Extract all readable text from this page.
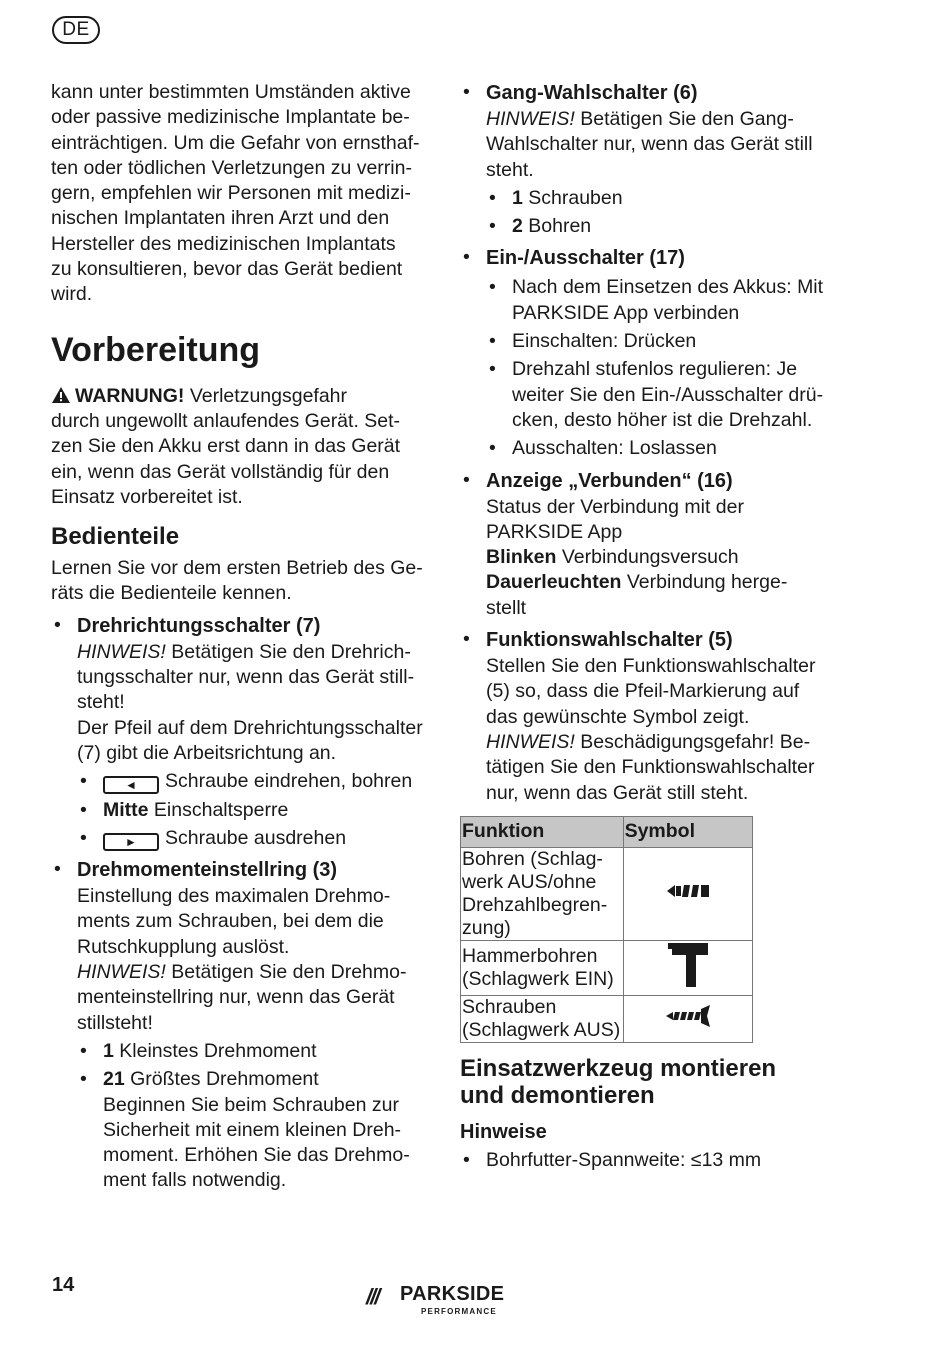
DE

kann unter bestimmten Umständen aktive
oder passive medizinische Implantate be-
einträchtigen. Um die Gefahr von ernsthaf-
ten oder tödlichen Verletzungen zu verrin-
gern, empfehlen wir Personen mit medizi-
nischen Implantaten ihren Arzt und den
Hersteller des medizinischen Implantats
zu konsultieren, bevor das Gerät bedient
wird.

Vorbereitung

WARNUNG! Verletzungsgefahr
durch ungewollt anlaufendes Gerät. Set-
zen Sie den Akku erst dann in das Gerät
ein, wenn das Gerät vollständig für den
Einsatz vorbereitet ist.

Bedienteile

Lernen Sie vor dem ersten Betrieb des Ge-
räts die Bedienteile kennen.

• Drehrichtungsschalter (7)

HINWEIS! Betätigen Sie den Drehrich-
tungsschalter nur, wenn das Gerät still-
steht!

Der Pfeil auf dem Drehrichtungsschalter
(7) gibt die Arbeitsrichtung an.

•	◄ Schraube eindrehen, bohren

• Mitte Einschaltsperre

•	► Schraube ausdrehen

• Drehmomenteinstellring (3)

Einstellung des maximalen Drehmo-
ments zum Schrauben, bei dem die
Rutschkupplung auslöst.

HINWEIS! Betätigen Sie den Drehmo-
menteinstellring nur, wenn das Gerät
stillsteht!

• 1 Kleinstes Drehmoment

• 21 Größtes Drehmoment

Beginnen Sie beim Schrauben zur
Sicherheit mit einem kleinen Dreh-
moment. Erhöhen Sie das Drehmo-
ment falls notwendig.

• Gang-Wahlschalter (6)

HINWEIS! Betätigen Sie den Gang-
Wahlschalter nur, wenn das Gerät still
steht.

• 1 Schrauben

• 2 Bohren

• Ein-/Ausschalter (17)
• Nach dem Einsetzen des Akkus: Mit
PARKSIDE App verbinden

• Einschalten: Drücken

• Drehzahl stufenlos regulieren: Je
weiter Sie den Ein-/Ausschalter drü-
cken, desto höher ist die Drehzahl.

• Ausschalten: Loslassen

• Anzeige „Verbunden“ (16)

Status der Verbindung mit der
PARKSIDE App

Blinken Verbindungsversuch

Dauerleuchten Verbindung herge-
stellt

• Funktionswahlschalter (5)

Stellen Sie den Funktionswahlschalter
(5) so, dass die Pfeil-Markierung auf
das gewünschte Symbol zeigt.

HINWEIS! Beschädigungsgefahr! Be-
tätigen Sie den Funktionswahlschalter
nur, wenn das Gerät still steht.

Funktion	Symbol
Bohren (Schlag-
werk AUS/ohne
Drehzahlbegren-
zung)	
Hammerbohren
(Schlagwerk EIN)	
Schrauben
(Schlagwerk AUS)	
Einsatzwerkzeug montieren
und demontieren
Hinweise
• Bohrfutter-Spannweite: ≤13 mm

14	/// PARKSIDE
PERFORMANCE
